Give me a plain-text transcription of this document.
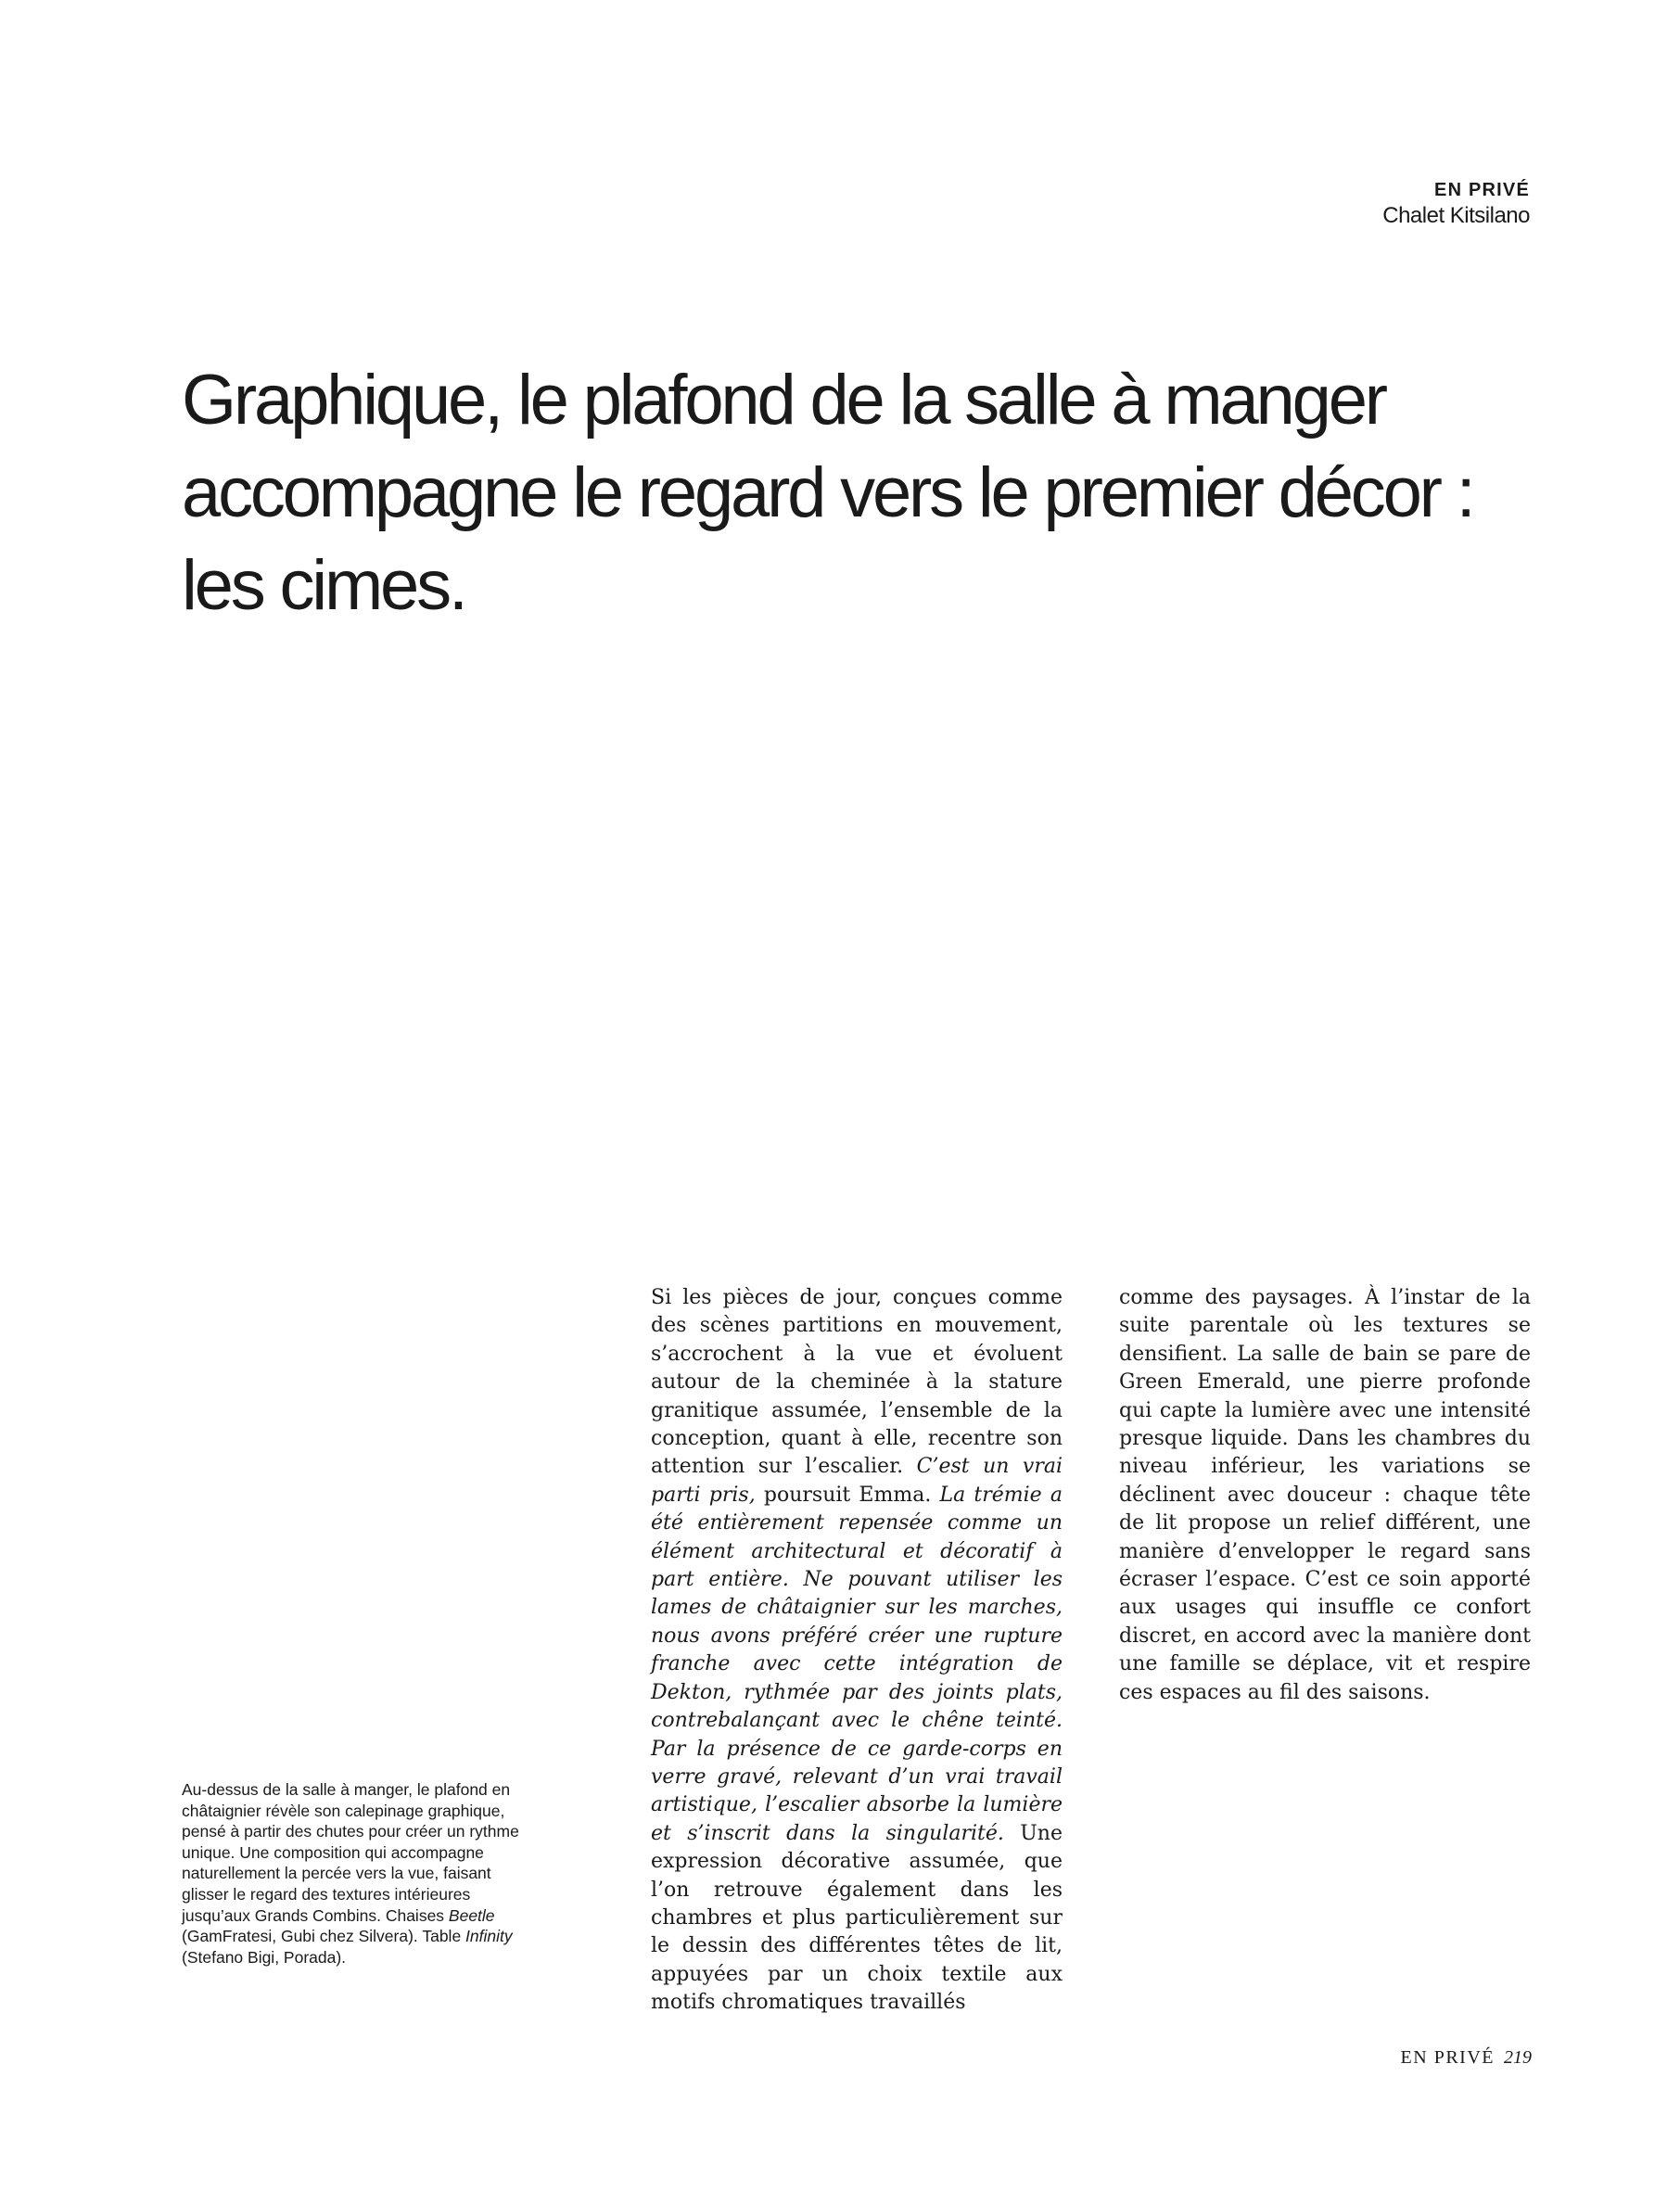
EN PRIVÉ
Chalet Kitsilano
Graphique, le plafond de la salle à manger accompagne le regard vers le premier décor : les cimes.

Au-dessus de la salle à manger, le plafond en châtaignier révèle son calepinage graphique, pensé à partir des chutes pour créer un rythme unique. Une composition qui accompagne naturellement la percée vers la vue, faisant glisser le regard des textures intérieures jusqu’aux Grands Combins. Chaises Beetle (GamFratesi, Gubi chez Silvera). Table Infinity (Stefano Bigi, Porada).

Si les pièces de jour, conçues comme des scènes partitions en mouvement, s’accrochent à la vue et évoluent autour de la cheminée à la stature granitique assumée, l’ensemble de la conception, quant à elle, recentre son attention sur l’escalier. C’est un vrai parti pris, poursuit Emma. La trémie a été entièrement repensée comme un élément architectural et décoratif à part entière. Ne pouvant utiliser les lames de châtaignier sur les marches, nous avons préféré créer une rupture franche avec cette intégration de Dekton, rythmée par des joints plats, contrebalançant avec le chêne teinté. Par la présence de ce garde-corps en verre gravé, relevant d’un vrai travail artistique, l’escalier absorbe la lumière et s’inscrit dans la singularité. Une expression décorative assumée, que l’on retrouve également dans les chambres et plus particulièrement sur le dessin des différentes têtes de lit, appuyées par un choix textile aux motifs chromatiques travaillés

comme des paysages. À l’instar de la suite parentale où les textures se densifient. La salle de bain se pare de Green Emerald, une pierre profonde qui capte la lumière avec une intensité presque liquide. Dans les chambres du niveau inférieur, les variations se déclinent avec douceur : chaque tête de lit propose un relief différent, une manière d’envelopper le regard sans écraser l’espace. C’est ce soin apporté aux usages qui insuffle ce confort discret, en accord avec la manière dont une famille se déplace, vit et respire ces espaces au fil des saisons.

EN PRIVÉ 219
